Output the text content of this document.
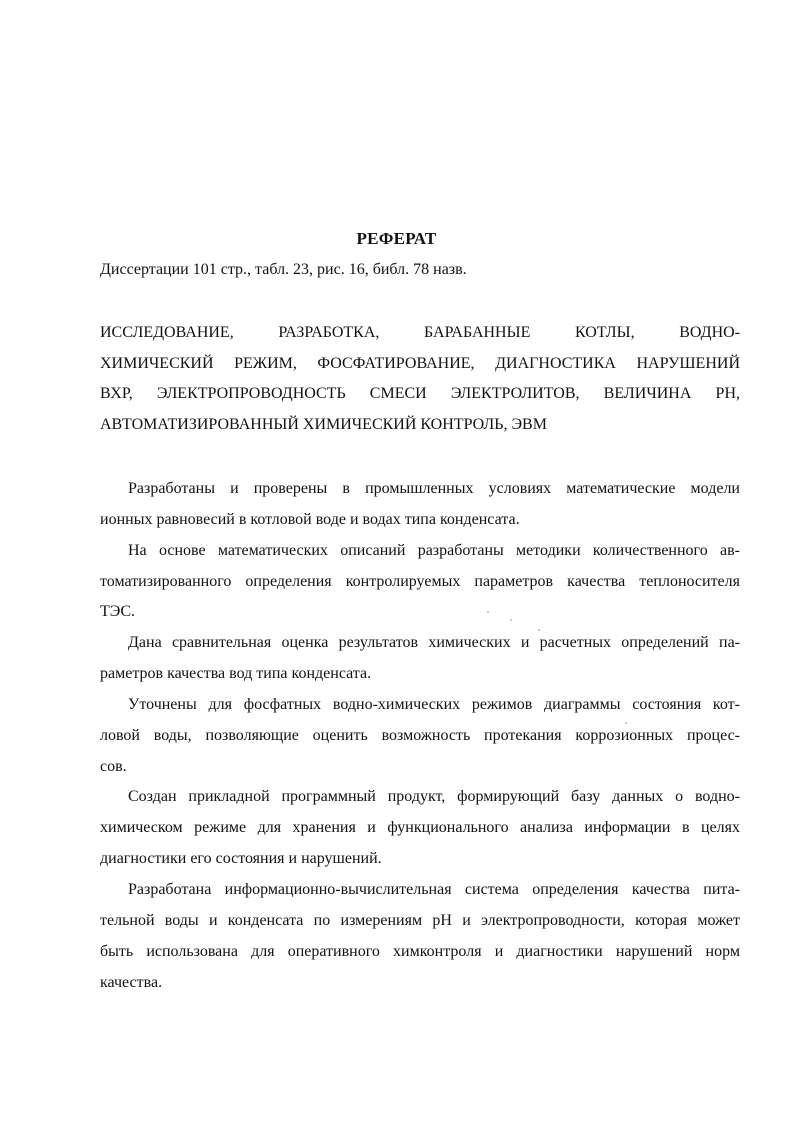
РЕФЕРАТ

Диссертации 101 стр., табл. 23, рис. 16, библ. 78 назв.

ИССЛЕДОВАНИЕ, РАЗРАБОТКА, БАРАБАННЫЕ КОТЛЫ, ВОДНО-
ХИМИЧЕСКИЙ РЕЖИМ, ФОСФАТИРОВАНИЕ, ДИАГНОСТИКА НАРУШЕНИЙ
ВХР, ЭЛЕКТРОПРОВОДНОСТЬ СМЕСИ ЭЛЕКТРОЛИТОВ, ВЕЛИЧИНА РН,
АВТОМАТИЗИРОВАННЫЙ ХИМИЧЕСКИЙ КОНТРОЛЬ, ЭВМ
Разработаны и проверены в промышленных условиях математические модели
ионных равновесий в котловой воде и водах типа конденсата.
На основе математических описаний разработаны методики количественного ав-
томатизированного определения контролируемых параметров качества теплоносителя
ТЭС.
Дана сравнительная оценка результатов химических и расчетных определений па-
раметров качества вод типа конденсата.
Уточнены для фосфатных водно-химических режимов диаграммы состояния кот-
ловой воды, позволяющие оценить возможность протекания коррозионных процес-
сов.
Создан прикладной программный продукт, формирующий базу данных о водно-
химическом режиме для хранения и функционального анализа информации в целях
диагностики его состояния и нарушений.
Разработана информационно-вычислительная система определения качества пита-
тельной воды и конденсата по измерениям pH и электропроводности, которая может
быть использована для оперативного химконтроля и диагностики нарушений норм
качества.
